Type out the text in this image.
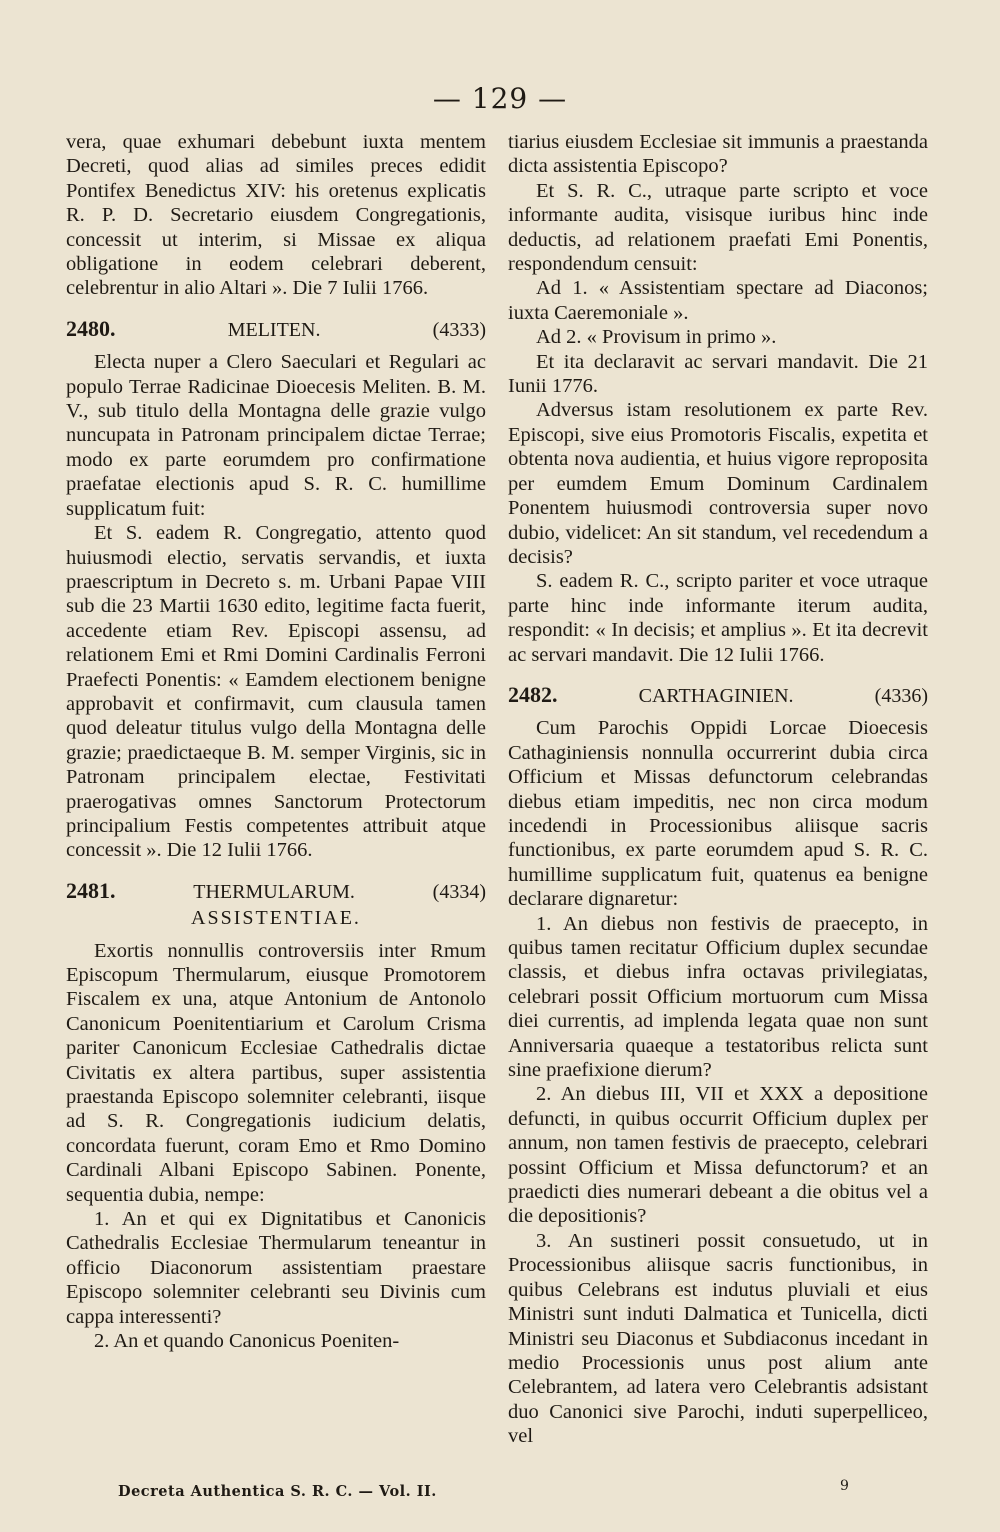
— 129 —

vera, quae exhumari debebunt iuxta mentem Decreti, quod alias ad similes preces edidit Pontifex Benedictus XIV: his oretenus explicatis R. P. D. Secretario eiusdem Congregationis, concessit ut interim, si Missae ex aliqua obligatione in eodem celebrari deberent, celebrentur in alio Altari ». Die 7 Iulii 1766.

2480.	MELITEN.	(4333)

Electa nuper a Clero Saeculari et Regulari ac populo Terrae Radicinae Dioecesis Meliten. B. M. V., sub titulo della Montagna delle grazie vulgo nuncupata in Patronam principalem dictae Terrae; modo ex parte eorumdem pro confirmatione praefatae electionis apud S. R. C. humillime supplicatum fuit:

Et S. eadem R. Congregatio, attento quod huiusmodi electio, servatis servandis, et iuxta praescriptum in Decreto s. m. Urbani Papae VIII sub die 23 Martii 1630 edito, legitime facta fuerit, accedente etiam Rev. Episcopi assensu, ad relationem Emi et Rmi Domini Cardinalis Ferroni Praefecti Ponentis: « Eamdem electionem benigne approbavit et confirmavit, cum clausula tamen quod deleatur titulus vulgo della Montagna delle grazie; praedictaeque B. M. semper Virginis, sic in Patronam principalem electae, Festivitati praerogativas omnes Sanctorum Protectorum principalium Festis competentes attribuit atque concessit ». Die 12 Iulii 1766.

2481.	THERMULARUM.	(4334)
ASSISTENTIAE.

Exortis nonnullis controversiis inter Rmum Episcopum Thermularum, eiusque Promotorem Fiscalem ex una, atque Antonium de Antonolo Canonicum Poenitentiarium et Carolum Crisma pariter Canonicum Ecclesiae Cathedralis dictae Civitatis ex altera partibus, super assistentia praestanda Episcopo solemniter celebranti, iisque ad S. R. Congregationis iudicium delatis, concordata fuerunt, coram Emo et Rmo Domino Cardinali Albani Episcopo Sabinen. Ponente, sequentia dubia, nempe:

1. An et qui ex Dignitatibus et Canonicis Cathedralis Ecclesiae Thermularum teneantur in officio Diaconorum assistentiam praestare Episcopo solemniter celebranti seu Divinis cum cappa interessenti?

2. An et quando Canonicus Poeniten-

tiarius eiusdem Ecclesiae sit immunis a praestanda dicta assistentia Episcopo?

Et S. R. C., utraque parte scripto et voce informante audita, visisque iuribus hinc inde deductis, ad relationem praefati Emi Ponentis, respondendum censuit:

Ad 1. « Assistentiam spectare ad Diaconos; iuxta Caeremoniale ».

Ad 2. « Provisum in primo ».

Et ita declaravit ac servari mandavit. Die 21 Iunii 1776.

Adversus istam resolutionem ex parte Rev. Episcopi, sive eius Promotoris Fiscalis, expetita et obtenta nova audientia, et huius vigore reproposita per eumdem Emum Dominum Cardinalem Ponentem huiusmodi controversia super novo dubio, videlicet: An sit standum, vel recedendum a decisis?

S. eadem R. C., scripto pariter et voce utraque parte hinc inde informante iterum audita, respondit: « In decisis; et amplius ». Et ita decrevit ac servari mandavit. Die 12 Iulii 1766.

2482.	CARTHAGINIEN.	(4336)

Cum Parochis Oppidi Lorcae Dioecesis Cathaginiensis nonnulla occurrerint dubia circa Officium et Missas defunctorum celebrandas diebus etiam impeditis, nec non circa modum incedendi in Processionibus aliisque sacris functionibus, ex parte eorumdem apud S. R. C. humillime supplicatum fuit, quatenus ea benigne declarare dignaretur:

1. An diebus non festivis de praecepto, in quibus tamen recitatur Officium duplex secundae classis, et diebus infra octavas privilegiatas, celebrari possit Officium mortuorum cum Missa diei currentis, ad implenda legata quae non sunt Anniversaria quaeque a testatoribus relicta sunt sine praefixione dierum?

2. An diebus III, VII et XXX a depositione defuncti, in quibus occurrit Officium duplex per annum, non tamen festivis de praecepto, celebrari possint Officium et Missa defunctorum? et an praedicti dies numerari debeant a die obitus vel a die depositionis?

3. An sustineri possit consuetudo, ut in Processionibus aliisque sacris functionibus, in quibus Celebrans est indutus pluviali et eius Ministri sunt induti Dalmatica et Tunicella, dicti Ministri seu Diaconus et Subdiaconus incedant in medio Processionis unus post alium ante Celebrantem, ad latera vero Celebrantis adsistant duo Canonici sive Parochi, induti superpelliceo, vel

Decreta Authentica S. R. C. — Vol. II.	9
